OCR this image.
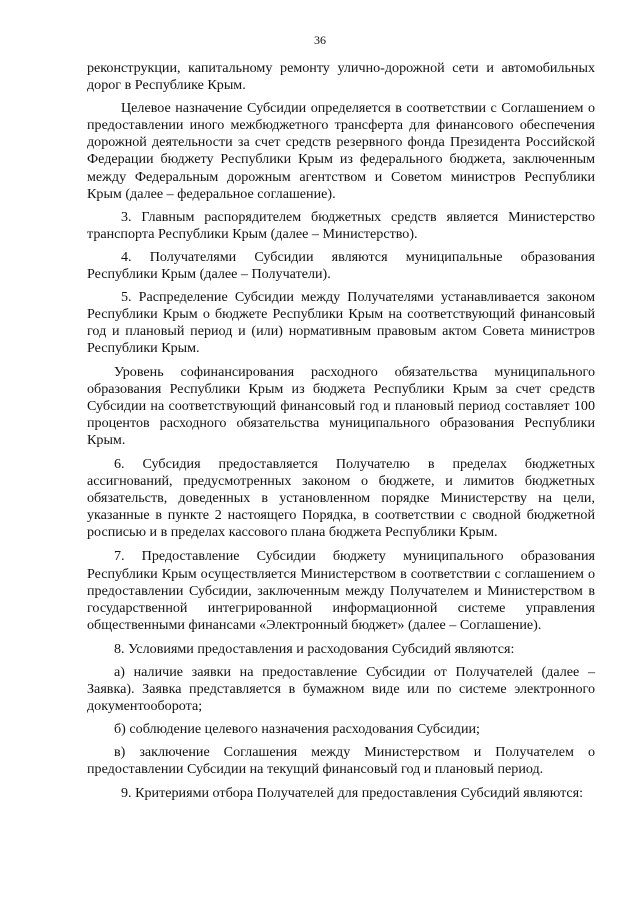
36

реконструкции, капитальному ремонту улично-дорожной сети и автомобильных дорог в Республике Крым.

Целевое назначение Субсидии определяется в соответствии с Соглашением о предоставлении иного межбюджетного трансферта для финансового обеспечения дорожной деятельности за счет средств резервного фонда Президента Российской Федерации бюджету Республики Крым из федерального бюджета, заключенным между Федеральным дорожным агентством и Советом министров Республики Крым (далее – федеральное соглашение).

3. Главным распорядителем бюджетных средств является Министерство транспорта Республики Крым (далее – Министерство).

4. Получателями Субсидии являются муниципальные образования Республики Крым (далее – Получатели).

5. Распределение Субсидии между Получателями устанавливается законом Республики Крым о бюджете Республики Крым на соответствующий финансовый год и плановый период и (или) нормативным правовым актом Совета министров Республики Крым.

Уровень софинансирования расходного обязательства муниципального образования Республики Крым из бюджета Республики Крым за счет средств Субсидии на соответствующий финансовый год и плановый период составляет 100 процентов расходного обязательства муниципального образования Республики Крым.

6. Субсидия предоставляется Получателю в пределах бюджетных ассигнований, предусмотренных законом о бюджете, и лимитов бюджетных обязательств, доведенных в установленном порядке Министерству на цели, указанные в пункте 2 настоящего Порядка, в соответствии с сводной бюджетной росписью и в пределах кассового плана бюджета Республики Крым.

7. Предоставление Субсидии бюджету муниципального образования Республики Крым осуществляется Министерством в соответствии с соглашением о предоставлении Субсидии, заключенным между Получателем и Министерством в государственной интегрированной информационной системе управления общественными финансами «Электронный бюджет» (далее – Соглашение).

8. Условиями предоставления и расходования Субсидий являются:

а) наличие заявки на предоставление Субсидии от Получателей (далее – Заявка). Заявка представляется в бумажном виде или по системе электронного документооборота;

б) соблюдение целевого назначения расходования Субсидии;

в) заключение Соглашения между Министерством и Получателем о предоставлении Субсидии на текущий финансовый год и плановый период.

9. Критериями отбора Получателей для предоставления Субсидий являются:
